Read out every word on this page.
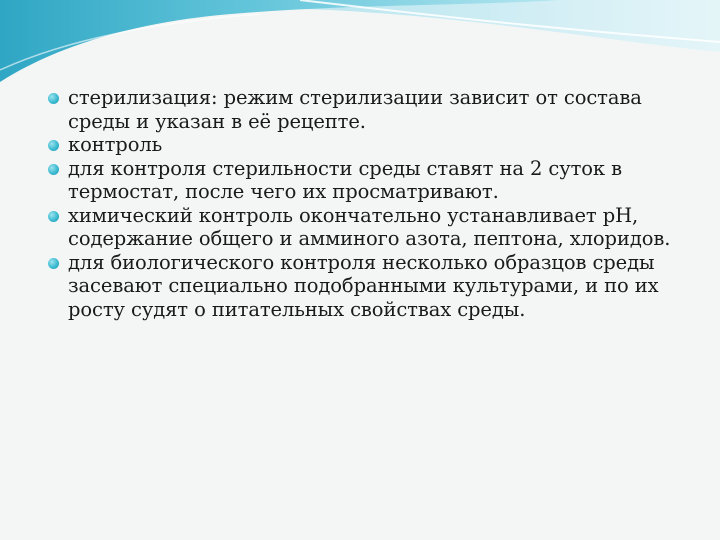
стерилизация: режим стерилизации зависит от состава среды и указан в её рецепте.
контроль
для контроля стерильности среды ставят на 2 суток в термостат, после чего их просматривают.
химический контроль окончательно устанавливает рН, содержание общего и амминого азота, пептона, хлоридов.
для биологического контроля несколько образцов среды засевают специально подобранными культурами, и по их росту судят о питательных свойствах среды.
